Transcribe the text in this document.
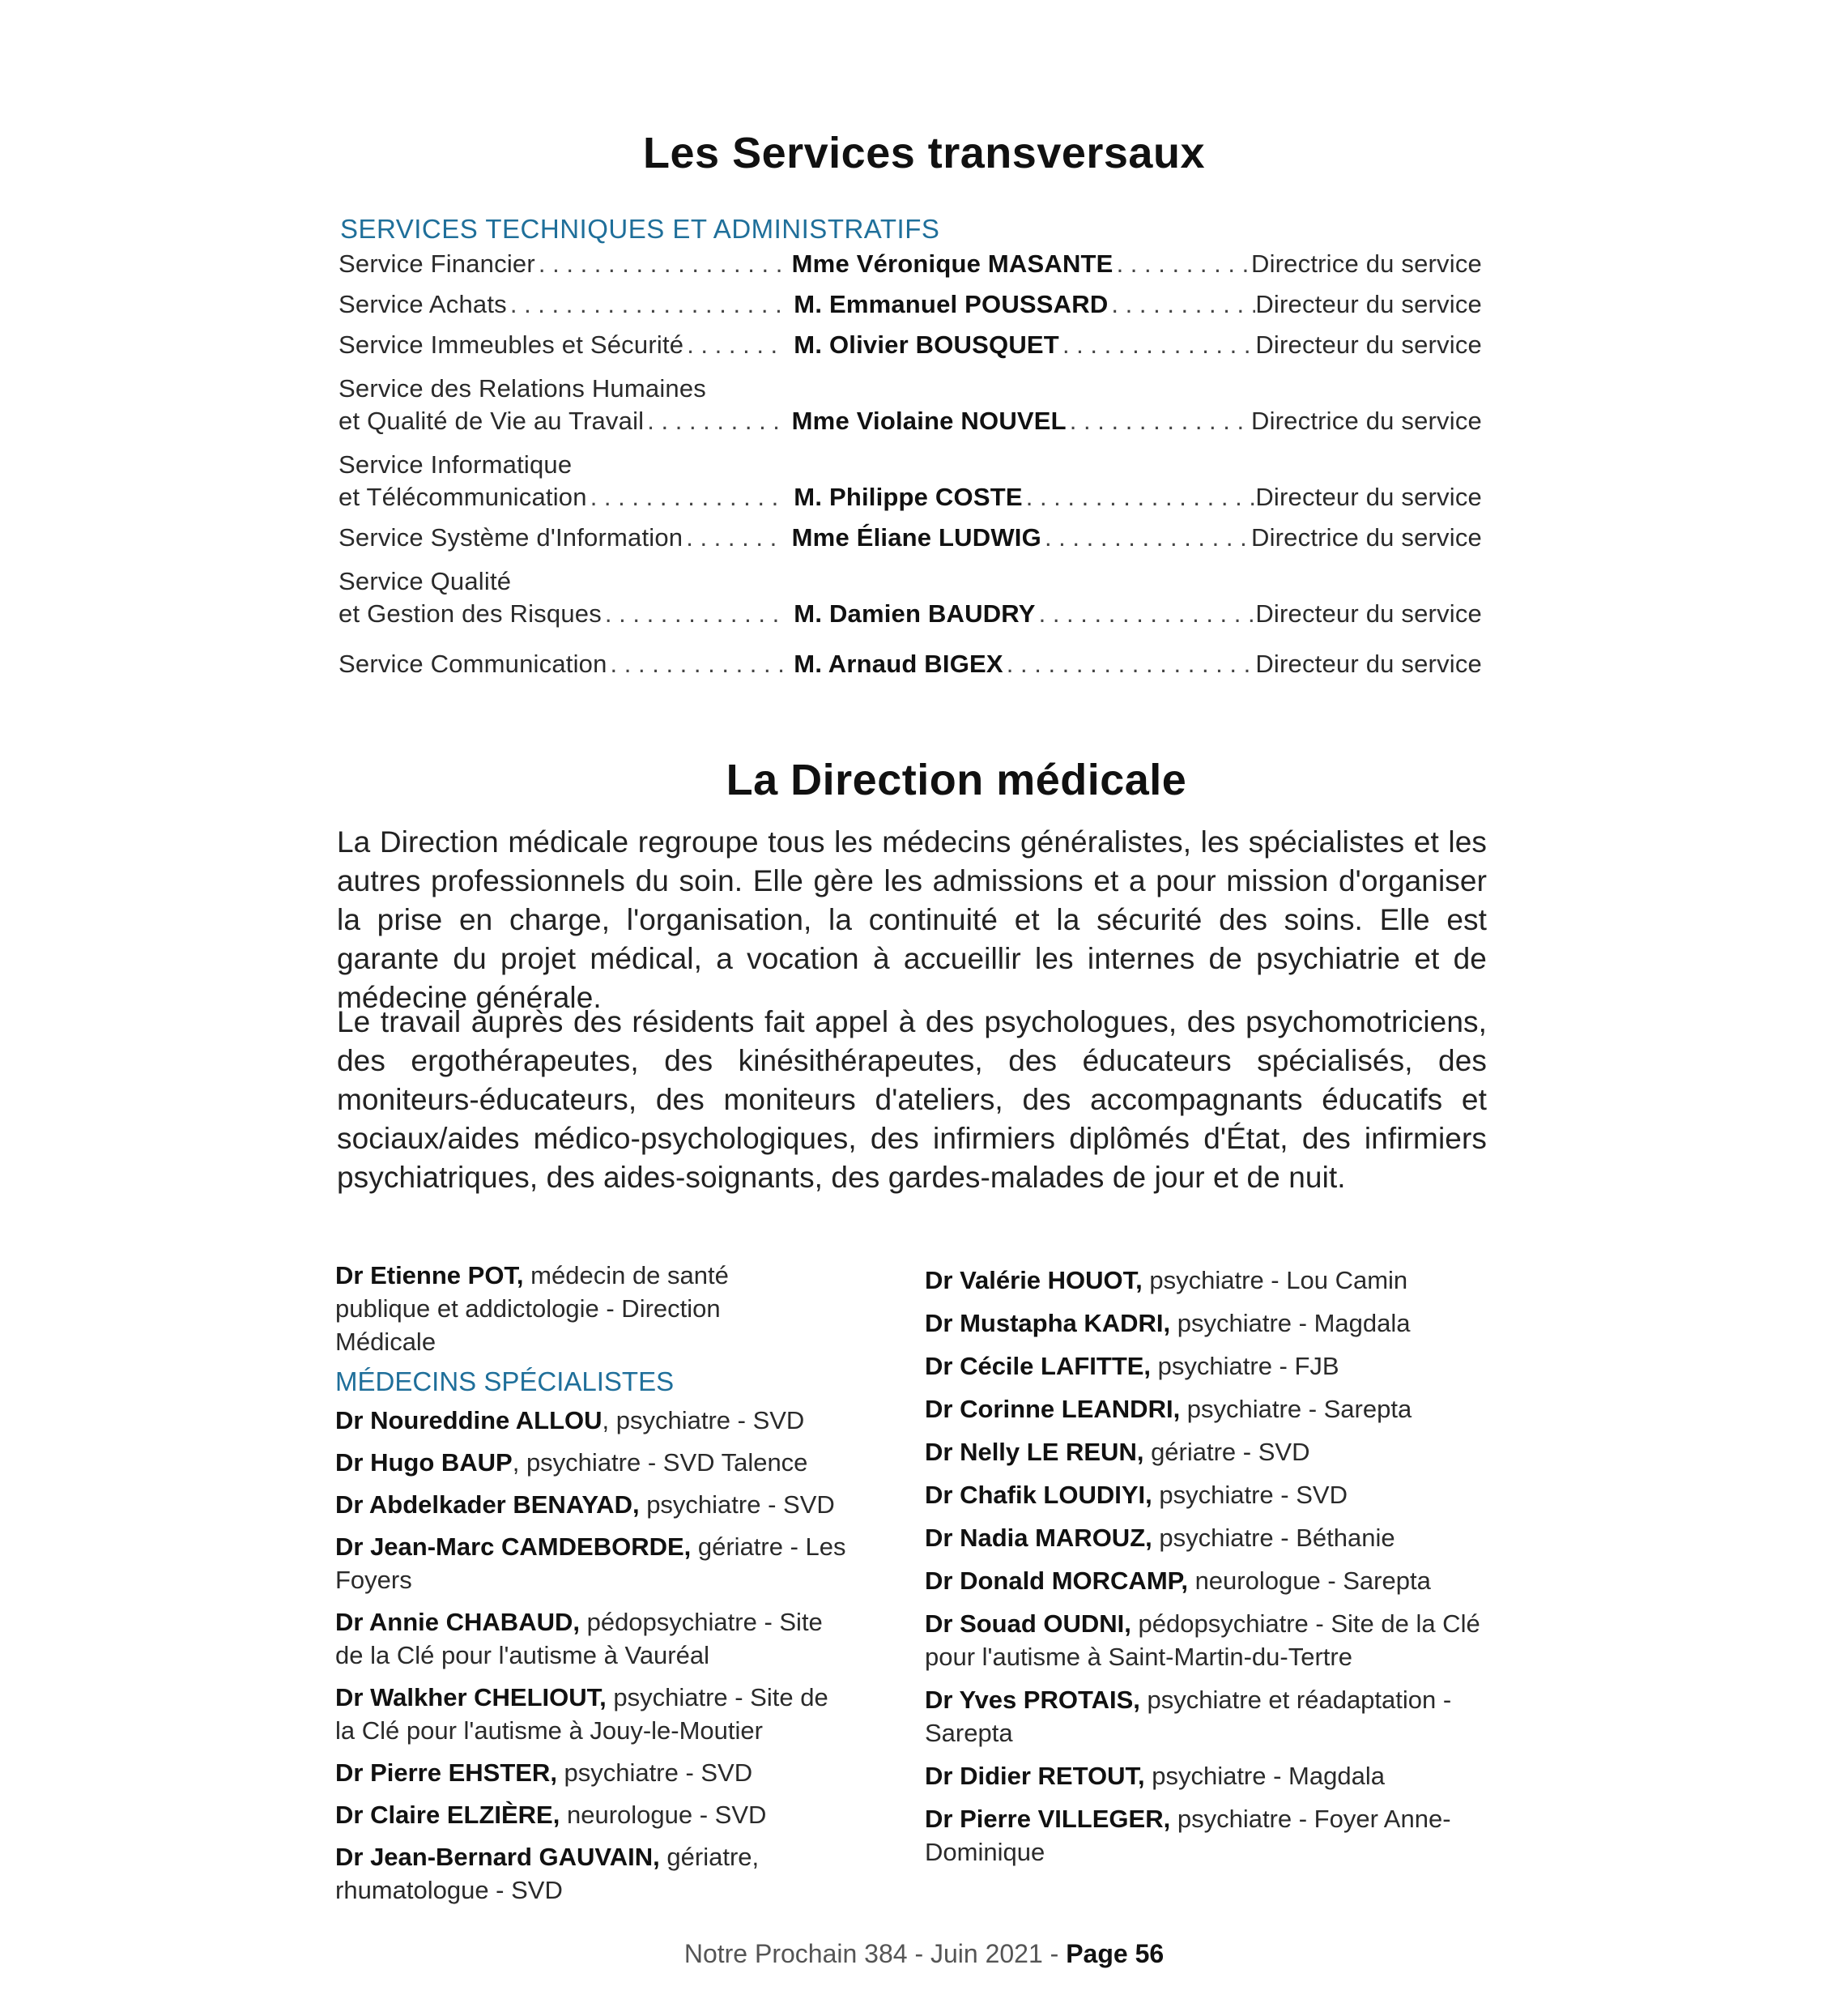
Les Services transversaux
SERVICES TECHNIQUES ET ADMINISTRATIFS
Service Financier . . .	Mme Véronique MASANTE . . .	Directrice du service
Service Achats . . .	M. Emmanuel POUSSARD . . .	Directeur du service
Service Immeubles et Sécurité . . .	M. Olivier BOUSQUET . . .	Directeur du service
Service des Relations Humaines
et Qualité de Vie au Travail . . .	Mme Violaine NOUVEL . . .	Directrice du service
Service Informatique
et Télécommunication . . .	M. Philippe COSTE . . .	Directeur du service
Service Système d'Information . . .	Mme Éliane LUDWIG . . .	Directrice du service
Service Qualité
et Gestion des Risques . . .	M. Damien BAUDRY . . .	Directeur du service
Service Communication . . .	M. Arnaud BIGEX . . .	Directeur du service
La Direction médicale

La Direction médicale regroupe tous les médecins généralistes, les spécialistes et les autres professionnels du soin. Elle gère les admissions et a pour mission d'organiser la prise en charge, l'organisation, la continuité et la sécurité des soins. Elle est garante du projet médical, a vocation à accueillir les internes de psychiatrie et de médecine générale.

Le travail auprès des résidents fait appel à des psychologues, des psychomotriciens, des ergothérapeutes, des kinésithérapeutes, des éducateurs spécialisés, des moniteurs-éducateurs, des moniteurs d'ateliers, des accompagnants éducatifs et sociaux/aides médico-psychologiques, des infirmiers diplômés d'État, des infirmiers psychiatriques, des aides-soignants, des gardes-malades de jour et de nuit.

Dr Etienne POT, médecin de santé publique et addictologie - Direction Médicale
MÉDECINS SPÉCIALISTES
Dr Noureddine ALLOU, psychiatre - SVD
Dr Hugo BAUP, psychiatre - SVD Talence
Dr Abdelkader BENAYAD, psychiatre - SVD
Dr Jean-Marc CAMDEBORDE, gériatre - Les Foyers
Dr Annie CHABAUD, pédopsychiatre - Site de la Clé pour l'autisme à Vauréal
Dr Walkher CHELIOUT, psychiatre - Site de la Clé pour l'autisme à Jouy-le-Moutier
Dr Pierre EHSTER, psychiatre - SVD
Dr Claire ELZIÈRE, neurologue - SVD
Dr Jean-Bernard GAUVAIN, gériatre, rhumatologue - SVD
Dr Valérie HOUOT, psychiatre - Lou Camin
Dr Mustapha KADRI, psychiatre - Magdala
Dr Cécile LAFITTE, psychiatre - FJB
Dr Corinne LEANDRI, psychiatre - Sarepta
Dr Nelly LE REUN, gériatre - SVD
Dr Chafik LOUDIYI, psychiatre - SVD
Dr Nadia MAROUZ, psychiatre - Béthanie
Dr Donald MORCAMP, neurologue - Sarepta
Dr Souad OUDNI, pédopsychiatre - Site de la Clé pour l'autisme à Saint-Martin-du-Tertre
Dr Yves PROTAIS, psychiatre et réadaptation - Sarepta
Dr Didier RETOUT, psychiatre - Magdala
Dr Pierre VILLEGER, psychiatre - Foyer Anne-Dominique
Notre Prochain 384 - Juin 2021 - Page 56
